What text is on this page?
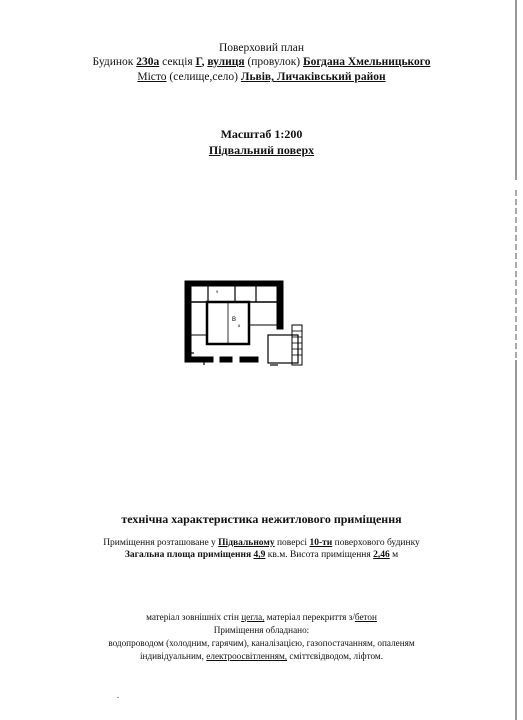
Поверховий план
Будинок 230а секція Г, вулиця (провулок) Богдана Хмельницького
Місто (селище,село) Львів, Личаківський район
Масштаб 1:200
Підвальний поверх
В
8
9
технічна характеристика нежитлового приміщення
Приміщення розташоване у Підвальному поверсі 10-ти поверхового будинку
Загальна площа приміщення 4,9 кв.м. Висота приміщення 2,46 м
матеріал зовнішніх стін цегла, матеріал перекриття з/бетон
Приміщення обладнано:
водопроводом (холодним, гарячим), каналізацією, газопостачанням, опаленям
індивідуальним, електроосвітленням, сміттєвідводом, ліфтом.
